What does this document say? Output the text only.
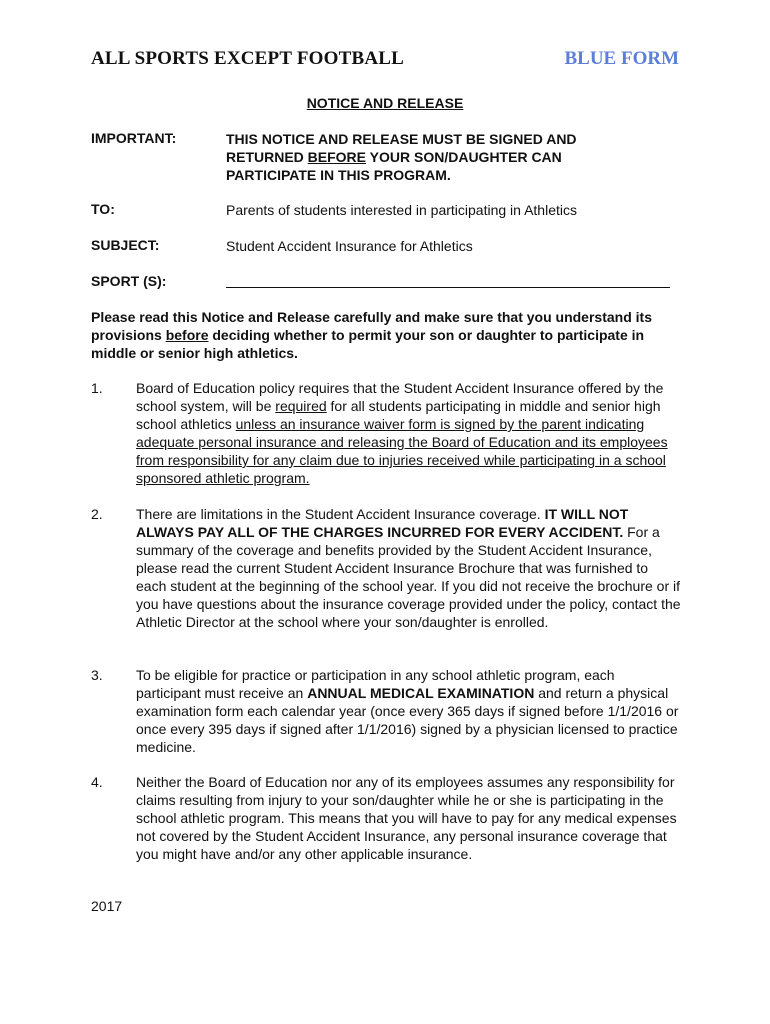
ALL SPORTS EXCEPT FOOTBALL	BLUE FORM
NOTICE AND RELEASE
IMPORTANT:	THIS NOTICE AND RELEASE MUST BE SIGNED AND RETURNED BEFORE YOUR SON/DAUGHTER CAN PARTICIPATE IN THIS PROGRAM.
TO:	Parents of students interested in participating in Athletics
SUBJECT:	Student Accident Insurance for Athletics
SPORT (S):
Please read this Notice and Release carefully and make sure that you understand its provisions before deciding whether to permit your son or daughter to participate in middle or senior high athletics.
1. Board of Education policy requires that the Student Accident Insurance offered by the school system, will be required for all students participating in middle and senior high school athletics unless an insurance waiver form is signed by the parent indicating adequate personal insurance and releasing the Board of Education and its employees from responsibility for any claim due to injuries received while participating in a school sponsored athletic program.
2. There are limitations in the Student Accident Insurance coverage. IT WILL NOT ALWAYS PAY ALL OF THE CHARGES INCURRED FOR EVERY ACCIDENT. For a summary of the coverage and benefits provided by the Student Accident Insurance, please read the current Student Accident Insurance Brochure that was furnished to each student at the beginning of the school year. If you did not receive the brochure or if you have questions about the insurance coverage provided under the policy, contact the Athletic Director at the school where your son/daughter is enrolled.
3. To be eligible for practice or participation in any school athletic program, each participant must receive an ANNUAL MEDICAL EXAMINATION and return a physical examination form each calendar year (once every 365 days if signed before 1/1/2016 or once every 395 days if signed after 1/1/2016) signed by a physician licensed to practice medicine.
4. Neither the Board of Education nor any of its employees assumes any responsibility for claims resulting from injury to your son/daughter while he or she is participating in the school athletic program. This means that you will have to pay for any medical expenses not covered by the Student Accident Insurance, any personal insurance coverage that you might have and/or any other applicable insurance.
2017
